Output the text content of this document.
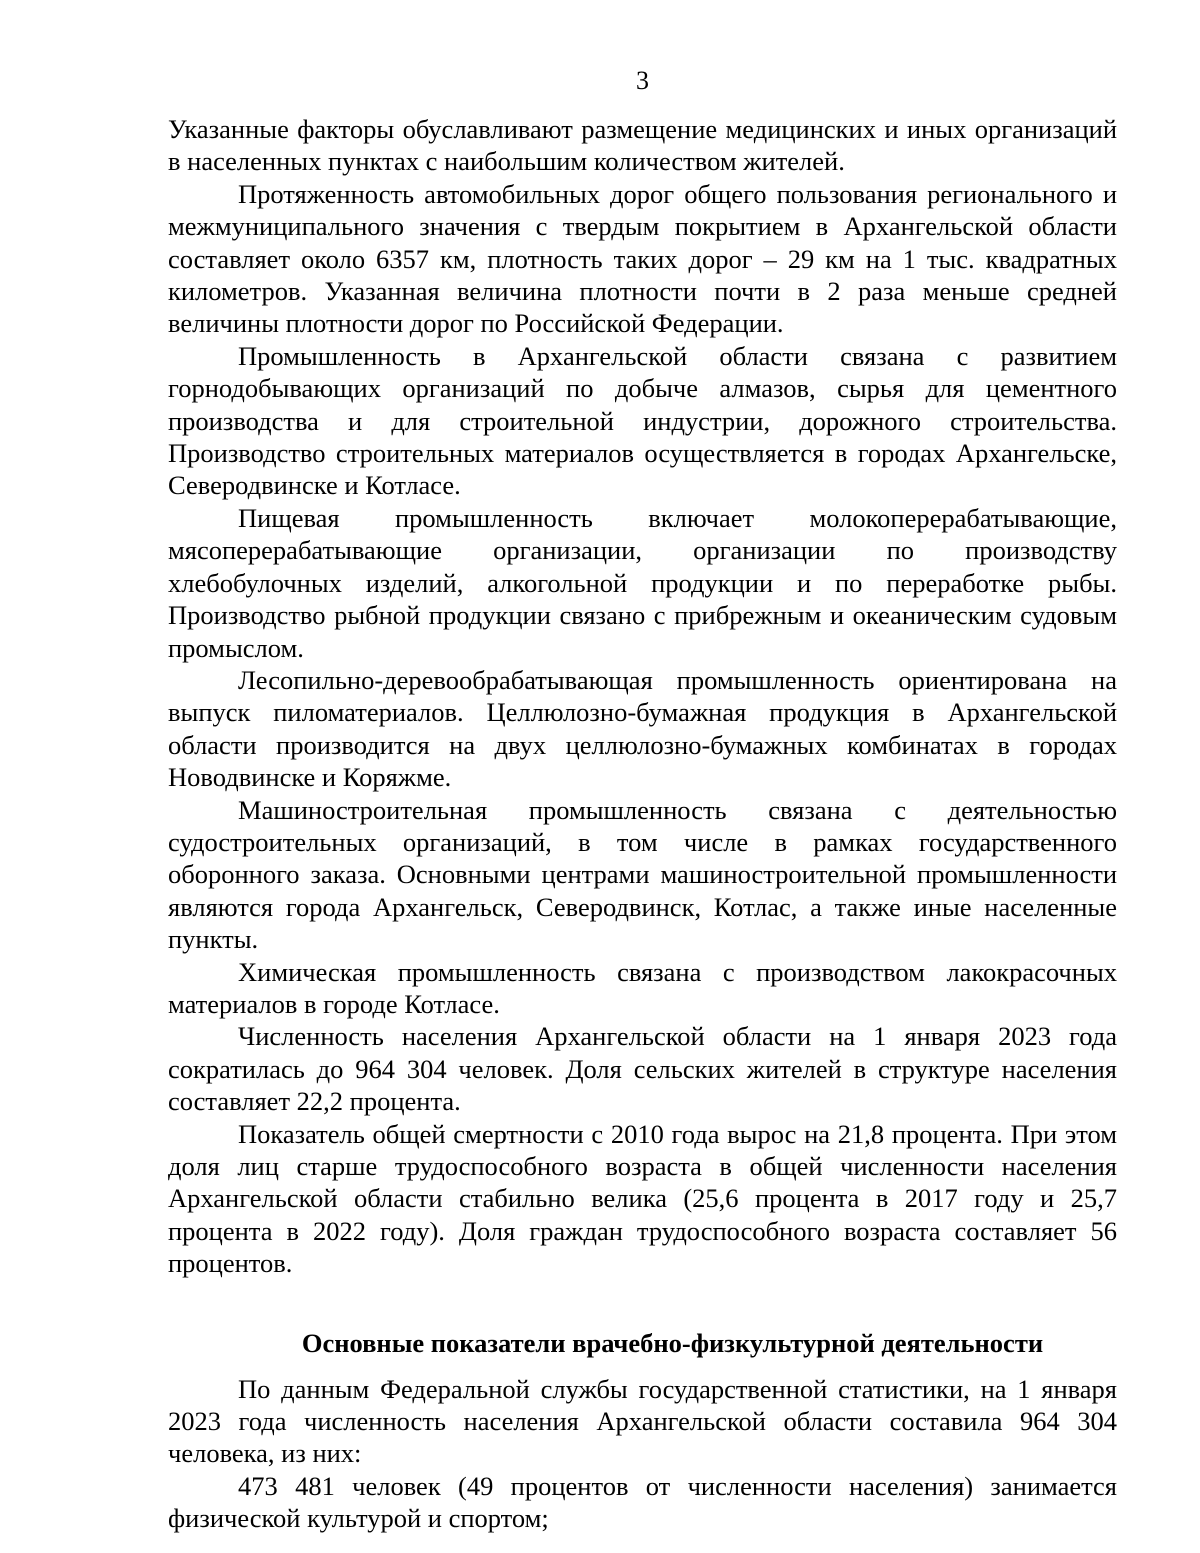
3

Указанные факторы обуславливают размещение медицинских и иных организаций в населенных пунктах с наибольшим количеством жителей.

Протяженность автомобильных дорог общего пользования регионального и межмуниципального значения с твердым покрытием в Архангельской области составляет около 6357 км, плотность таких дорог – 29 км на 1 тыс. квадратных километров. Указанная величина плотности почти в 2 раза меньше средней величины плотности дорог по Российской Федерации.

Промышленность в Архангельской области связана с развитием горнодобывающих организаций по добыче алмазов, сырья для цементного производства и для строительной индустрии, дорожного строительства. Производство строительных материалов осуществляется в городах Архангельске, Северодвинске и Котласе.

Пищевая промышленность включает молокоперерабатывающие, мясоперерабатывающие организации, организации по производству хлебобулочных изделий, алкогольной продукции и по переработке рыбы. Производство рыбной продукции связано с прибрежным и океаническим судовым промыслом.

Лесопильно-деревообрабатывающая промышленность ориентирована на выпуск пиломатериалов. Целлюлозно-бумажная продукция в Архангельской области производится на двух целлюлозно-бумажных комбинатах в городах Новодвинске и Коряжме.

Машиностроительная промышленность связана с деятельностью судостроительных организаций, в том числе в рамках государственного оборонного заказа. Основными центрами машиностроительной промышленности являются города Архангельск, Северодвинск, Котлас, а также иные населенные пункты.

Химическая промышленность связана с производством лакокрасочных материалов в городе Котласе.

Численность населения Архангельской области на 1 января 2023 года сократилась до 964 304 человек. Доля сельских жителей в структуре населения составляет 22,2 процента.

Показатель общей смертности с 2010 года вырос на 21,8 процента. При этом доля лиц старше трудоспособного возраста в общей численности населения Архангельской области стабильно велика (25,6 процента в 2017 году и 25,7 процента в 2022 году). Доля граждан трудоспособного возраста составляет 56 процентов.

Основные показатели врачебно-физкультурной деятельности

По данным Федеральной службы государственной статистики, на 1 января 2023 года численность населения Архангельской области составила 964 304 человека, из них:

473 481 человек (49 процентов от численности населения) занимается физической культурой и спортом;
